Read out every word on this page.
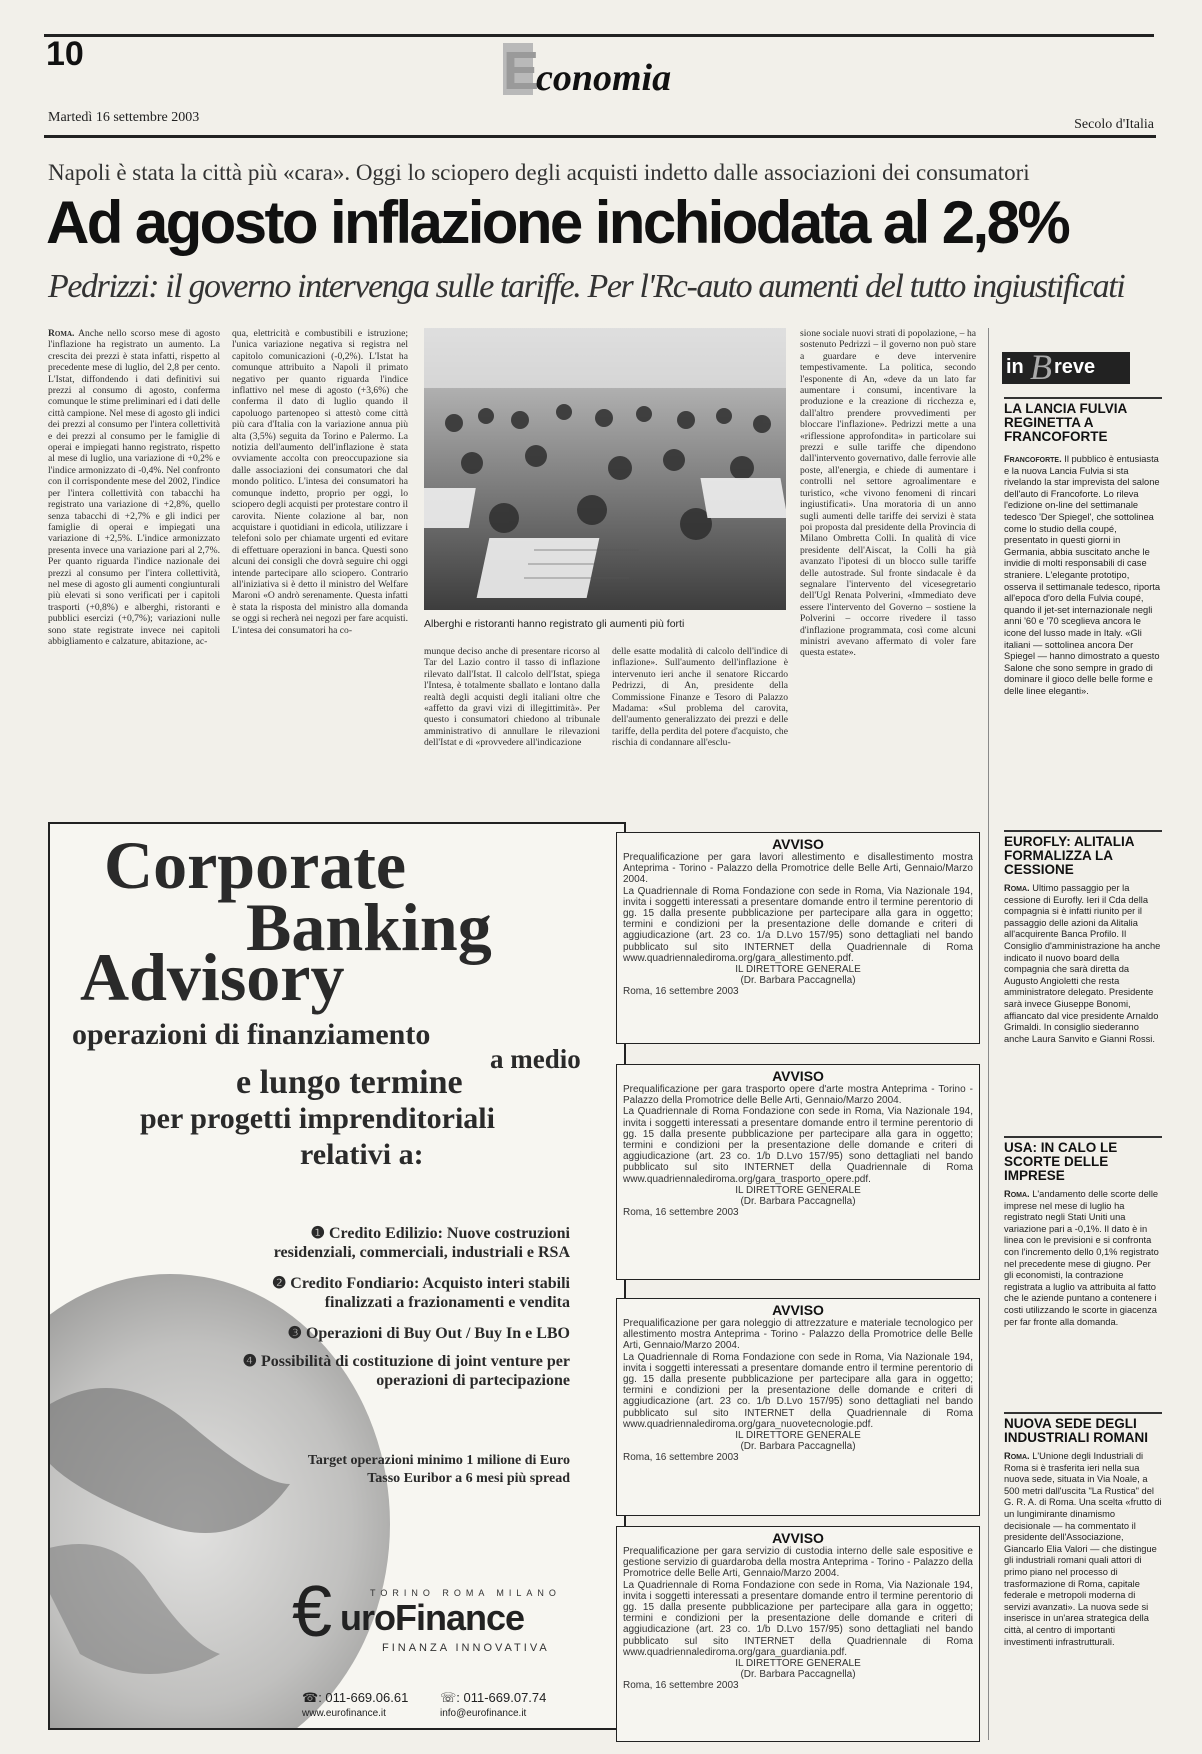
10	E
conomia
Martedì 16 settembre 2003	Secolo d'Italia
Napoli è stata la città più «cara». Oggi lo sciopero degli acquisti indetto dalle associazioni dei consumatori
Ad agosto inflazione inchiodata al 2,8%
Pedrizzi: il governo intervenga sulle tariffe. Per l'Rc-auto aumenti del tutto ingiustificati

Roma. Anche nello scorso mese di agosto l'inflazione ha registrato un aumento. La crescita dei prezzi è stata infatti, rispetto al precedente mese di luglio, del 2,8 per cento. L'Istat, diffondendo i dati definitivi sui prezzi al consumo di agosto, conferma comunque le stime preliminari ed i dati delle città campione. Nel mese di agosto gli indici dei prezzi al consumo per l'intera collettività e dei prezzi al consumo per le famiglie di operai e impiegati hanno registrato, rispetto al mese di luglio, una variazione di +0,2% e l'indice armonizzato di -0,4%. Nel confronto con il corrispondente mese del 2002, l'indice per l'intera collettività con tabacchi ha registrato una variazione di +2,8%, quello senza tabacchi di +2,7% e gli indici per famiglie di operai e impiegati una variazione di +2,5%. L'indice armonizzato presenta invece una variazione pari al 2,7%. Per quanto riguarda l'indice nazionale dei prezzi al consumo per l'intera collettività, nel mese di agosto gli aumenti congiunturali più elevati si sono verificati per i capitoli trasporti (+0,8%) e alberghi, ristoranti e pubblici esercizi (+0,7%); variazioni nulle sono state registrate invece nei capitoli abbigliamento e calzature, abitazione, ac-

qua, elettricità e combustibili e istruzione; l'unica variazione negativa si registra nel capitolo comunicazioni (-0,2%). L'Istat ha comunque attribuito a Napoli il primato negativo per quanto riguarda l'indice inflattivo nel mese di agosto (+3,6%) che conferma il dato di luglio quando il capoluogo partenopeo si attestò come città più cara d'Italia con la variazione annua più alta (3,5%) seguita da Torino e Palermo. La notizia dell'aumento dell'inflazione è stata ovviamente accolta con preoccupazione sia dalle associazioni dei consumatori che dal mondo politico. L'intesa dei consumatori ha comunque indetto, proprio per oggi, lo sciopero degli acquisti per protestare contro il carovita. Niente colazione al bar, non acquistare i quotidiani in edicola, utilizzare i telefoni solo per chiamate urgenti ed evitare di effettuare operazioni in banca. Questi sono alcuni dei consigli che dovrà seguire chi oggi intende partecipare allo sciopero. Contrario all'iniziativa si è detto il ministro del Welfare Maroni «O andrò serenamente. Questa infatti è stata la risposta del ministro alla domanda se oggi si recherà nei negozi per fare acquisti. L'intesa dei consumatori ha co-

Alberghi e ristoranti hanno registrato gli aumenti più forti

munque deciso anche di presentare ricorso al Tar del Lazio contro il tasso di inflazione rilevato dall'Istat. Il calcolo dell'Istat, spiega l'Intesa, è totalmente sballato e lontano dalla realtà degli acquisti degli italiani oltre che «affetto da gravi vizi di illegittimità». Per questo i consumatori chiedono al tribunale amministrativo di annullare le rilevazioni dell'Istat e di «provvedere all'indicazione

delle esatte modalità di calcolo dell'indice di inflazione». Sull'aumento dell'inflazione è intervenuto ieri anche il senatore Riccardo Pedrizzi, di An, presidente della Commissione Finanze e Tesoro di Palazzo Madama: «Sul problema del carovita, dell'aumento generalizzato dei prezzi e delle tariffe, della perdita del potere d'acquisto, che rischia di condannare all'esclu-

sione sociale nuovi strati di popolazione, – ha sostenuto Pedrizzi – il governo non può stare a guardare e deve intervenire tempestivamente. La politica, secondo l'esponente di An, «deve da un lato far aumentare i consumi, incentivare la produzione e la creazione di ricchezza e, dall'altro prendere provvedimenti per bloccare l'inflazione». Pedrizzi mette a una «riflessione approfondita» in particolare sui prezzi e sulle tariffe che dipendono dall'intervento governativo, dalle ferrovie alle poste, all'energia, e chiede di aumentare i controlli nel settore agroalimentare e turistico, «che vivono fenomeni di rincari ingiustificati». Una moratoria di un anno sugli aumenti delle tariffe dei servizi è stata poi proposta dal presidente della Provincia di Milano Ombretta Colli. In qualità di vice presidente dell'Aiscat, la Colli ha già avanzato l'ipotesi di un blocco sulle tariffe delle autostrade. Sul fronte sindacale è da segnalare l'intervento del vicesegretario dell'Ugl Renata Polverini, «Immediato deve essere l'intervento del Governo – sostiene la Polverini – occorre rivedere il tasso d'inflazione programmata, così come alcuni ministri avevano affermato di voler fare questa estate».

in B reve
LA LANCIA FULVIA REGINETTA A FRANCOFORTE
Francoforte. Il pubblico è entusiasta e la nuova Lancia Fulvia si sta rivelando la star imprevista del salone dell'auto di Francoforte. Lo rileva l'edizione on-line del settimanale tedesco 'Der Spiegel', che sottolinea come lo studio della coupé, presentato in questi giorni in Germania, abbia suscitato anche le invidie di molti responsabili di case straniere. L'elegante prototipo, osserva il settimanale tedesco, riporta all'epoca d'oro della Fulvia coupé, quando il jet-set internazionale negli anni '60 e '70 sceglieva ancora le icone del lusso made in Italy. «Gli italiani — sottolinea ancora Der Spiegel — hanno dimostrato a questo Salone che sono sempre in grado di dominare il gioco delle belle forme e delle linee eleganti».
EUROFLY: ALITALIA FORMALIZZA LA CESSIONE
Roma. Ultimo passaggio per la cessione di Eurofly. Ieri il Cda della compagnia si è infatti riunito per il passaggio delle azioni da Alitalia all'acquirente Banca Profilo. Il Consiglio d'amministrazione ha anche indicato il nuovo board della compagnia che sarà diretta da Augusto Angioletti che resta amministratore delegato. Presidente sarà invece Giuseppe Bonomi, affiancato dal vice presidente Arnaldo Grimaldi. In consiglio siederanno anche Laura Sanvito e Gianni Rossi.
USA: IN CALO LE SCORTE DELLE IMPRESE
Roma. L'andamento delle scorte delle imprese nel mese di luglio ha registrato negli Stati Uniti una variazione pari a -0,1%. Il dato è in linea con le previsioni e si confronta con l'incremento dello 0,1% registrato nel precedente mese di giugno. Per gli economisti, la contrazione registrata a luglio va attribuita al fatto che le aziende puntano a contenere i costi utilizzando le scorte in giacenza per far fronte alla domanda.
NUOVA SEDE DEGLI INDUSTRIALI ROMANI
Roma. L'Unione degli Industriali di Roma si è trasferita ieri nella sua nuova sede, situata in Via Noale, a 500 metri dall'uscita "La Rustica" del G. R. A. di Roma. Una scelta «frutto di un lungimirante dinamismo decisionale — ha commentato il presidente dell'Associazione, Giancarlo Elia Valori — che distingue gli industriali romani quali attori di primo piano nel processo di trasformazione di Roma, capitale federale e metropoli moderna di servizi avanzati». La nuova sede si inserisce in un'area strategica della città, al centro di importanti investimenti infrastrutturali.
Corporate
Banking
Advisory
operazioni di finanziamento
a medio
e lungo termine
per progetti imprenditoriali
relativi a:
❶ Credito Edilizio: Nuove costruzioni residenziali, commerciali, industriali e RSA
❷ Credito Fondiario: Acquisto interi stabili finalizzati a frazionamenti e vendita
❸ Operazioni di Buy Out / Buy In e LBO
❹ Possibilità di costituzione di joint venture per operazioni di partecipazione
Target operazioni minimo 1 milione di Euro
Tasso Euribor a 6 mesi più spread
TORINO ROMA MILANO
€ uroFinance
FINANZA INNOVATIVA
☎: 011-669.06.61 ☏: 011-669.07.74
www.eurofinance.it	info@eurofinance.it
AVVISO
Prequalificazione per gara lavori allestimento e disallestimento mostra Anteprima - Torino - Palazzo della Promotrice delle Belle Arti, Gennaio/Marzo 2004.
La Quadriennale di Roma Fondazione con sede in Roma, Via Nazionale 194, invita i soggetti interessati a presentare domande entro il termine perentorio di gg. 15 dalla presente pubblicazione per partecipare alla gara in oggetto; termini e condizioni per la presentazione delle domande e criteri di aggiudicazione (art. 23 co. 1/a D.Lvo 157/95) sono dettagliati nel bando pubblicato sul sito INTERNET della Quadriennale di Roma www.quadriennalediroma.org/gara_allestimento.pdf.
IL DIRETTORE GENERALE
(Dr. Barbara Paccagnella)
Roma, 16 settembre 2003
AVVISO
Prequalificazione per gara trasporto opere d'arte mostra Anteprima - Torino - Palazzo della Promotrice delle Belle Arti, Gennaio/Marzo 2004.
La Quadriennale di Roma Fondazione con sede in Roma, Via Nazionale 194, invita i soggetti interessati a presentare domande entro il termine perentorio di gg. 15 dalla presente pubblicazione per partecipare alla gara in oggetto; termini e condizioni per la presentazione delle domande e criteri di aggiudicazione (art. 23 co. 1/b D.Lvo 157/95) sono dettagliati nel bando pubblicato sul sito INTERNET della Quadriennale di Roma www.quadriennalediroma.org/gara_trasporto_opere.pdf.
IL DIRETTORE GENERALE
(Dr. Barbara Paccagnella)
Roma, 16 settembre 2003
AVVISO
Prequalificazione per gara noleggio di attrezzature e materiale tecnologico per allestimento mostra Anteprima - Torino - Palazzo della Promotrice delle Belle Arti, Gennaio/Marzo 2004.
La Quadriennale di Roma Fondazione con sede in Roma, Via Nazionale 194, invita i soggetti interessati a presentare domande entro il termine perentorio di gg. 15 dalla presente pubblicazione per partecipare alla gara in oggetto; termini e condizioni per la presentazione delle domande e criteri di aggiudicazione (art. 23 co. 1/b D.Lvo 157/95) sono dettagliati nel bando pubblicato sul sito INTERNET della Quadriennale di Roma www.quadriennalediroma.org/gara_nuovetecnologie.pdf.
IL DIRETTORE GENERALE
(Dr. Barbara Paccagnella)
Roma, 16 settembre 2003
AVVISO
Prequalificazione per gara servizio di custodia interno delle sale espositive e gestione servizio di guardaroba della mostra Anteprima - Torino - Palazzo della Promotrice delle Belle Arti, Gennaio/Marzo 2004.
La Quadriennale di Roma Fondazione con sede in Roma, Via Nazionale 194, invita i soggetti interessati a presentare domande entro il termine perentorio di gg. 15 dalla presente pubblicazione per partecipare alla gara in oggetto; termini e condizioni per la presentazione delle domande e criteri di aggiudicazione (art. 23 co. 1/b D.Lvo 157/95) sono dettagliati nel bando pubblicato sul sito INTERNET della Quadriennale di Roma www.quadriennalediroma.org/gara_guardiania.pdf.
IL DIRETTORE GENERALE
(Dr. Barbara Paccagnella)
Roma, 16 settembre 2003
